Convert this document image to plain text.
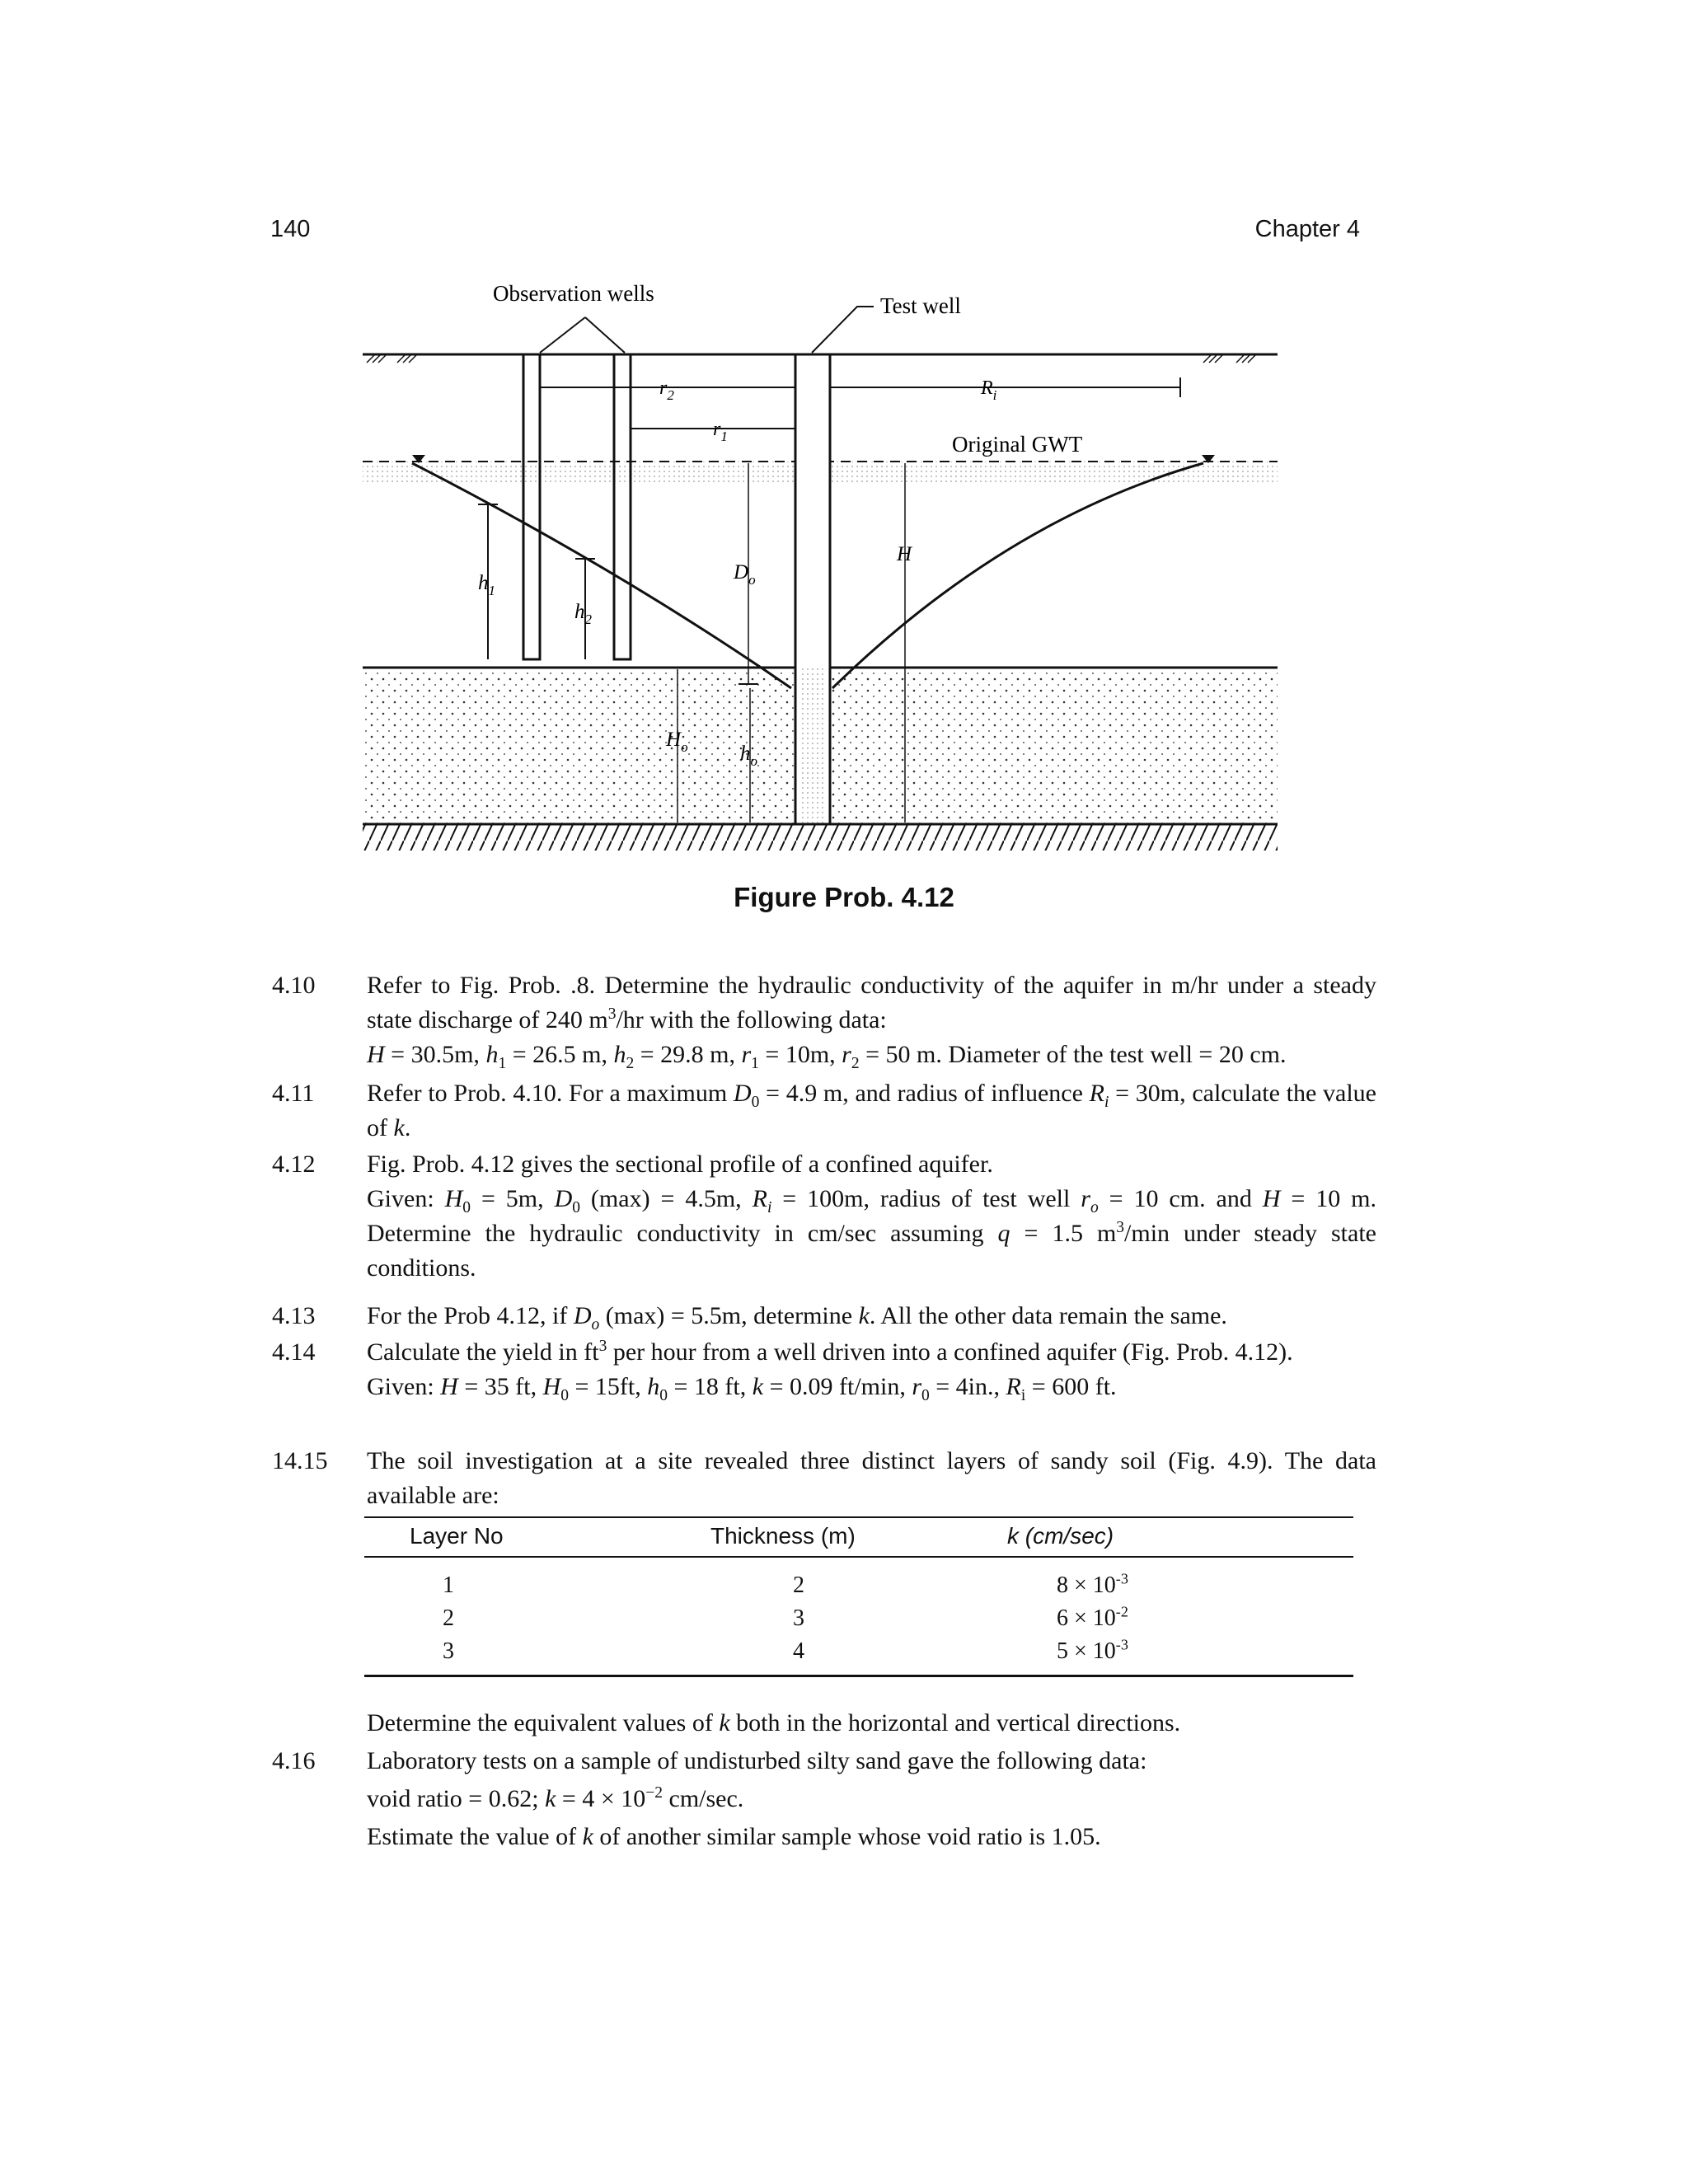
140	Chapter 4
Observation wells	Test well
$r_2$
$r_1$
$R_i$
Original GWT
$D_o$
H
$h_1$
$h_2$
$H_o$	$h_o$
Figure Prob. 4.12
4.10	Refer to Fig. Prob. .8. Determine the hydraulic conductivity of the aquifer in m/hr under a steady state discharge of 240 $m^3/hr$ with the following data:
H = 30.5m, $h_1 = 26.5$ m, $h_2 = 29.8$ m, $r_1 = 10m$, $r_2 = 50$ m. Diameter of the test well = 20 cm.
4.11	Refer to Prob. 4.10. For a maximum $D_0 = 4.9$ m, and radius of influence $R_i = 30m$, calculate the value of k.
4.12	Fig. Prob. 4.12 gives the sectional profile of a confined aquifer.
Given: $H_0 = 5m$, $D_0$ (max) = 4.5m, $R_i = 100m$, radius of test well $r_o = 10$ cm. and H = 10 m. Determine the hydraulic conductivity in cm/sec assuming q = 1.5 $m^3/\min$ under steady state conditions.
4.13	For the Prob 4.12, if $D_o$ (max) = 5.5m, determine k. All the other data remain the same.
4.14	Calculate the yield in $ft^3$ per hour from a well driven into a confined aquifer (Fig. Prob. 4.12).
Given: H = 35 ft, $H_0 = 15ft$, $h_0 = 18$ ft, k = 0.09 ft/min, $r_0 = 4in$., $R_i = 600$ ft.
14.15	The soil investigation at a site revealed three distinct layers of sandy soil (Fig. 4.9). The data available are:
Layer No	Thickness (m)	k (cm/sec)
1	2	$8 \times 10^{-3}$
2	3	$6 \times 10^{-2}$
3	4	$5 \times 10^{-3}$
Determine the equivalent values of k both in the horizontal and vertical directions.
4.16	Laboratory tests on a sample of undisturbed silty sand gave the following data:
void ratio = 0.62; $k = 4 \times 10^{-2}$ cm/sec.
Estimate the value of k of another similar sample whose void ratio is 1.05.
